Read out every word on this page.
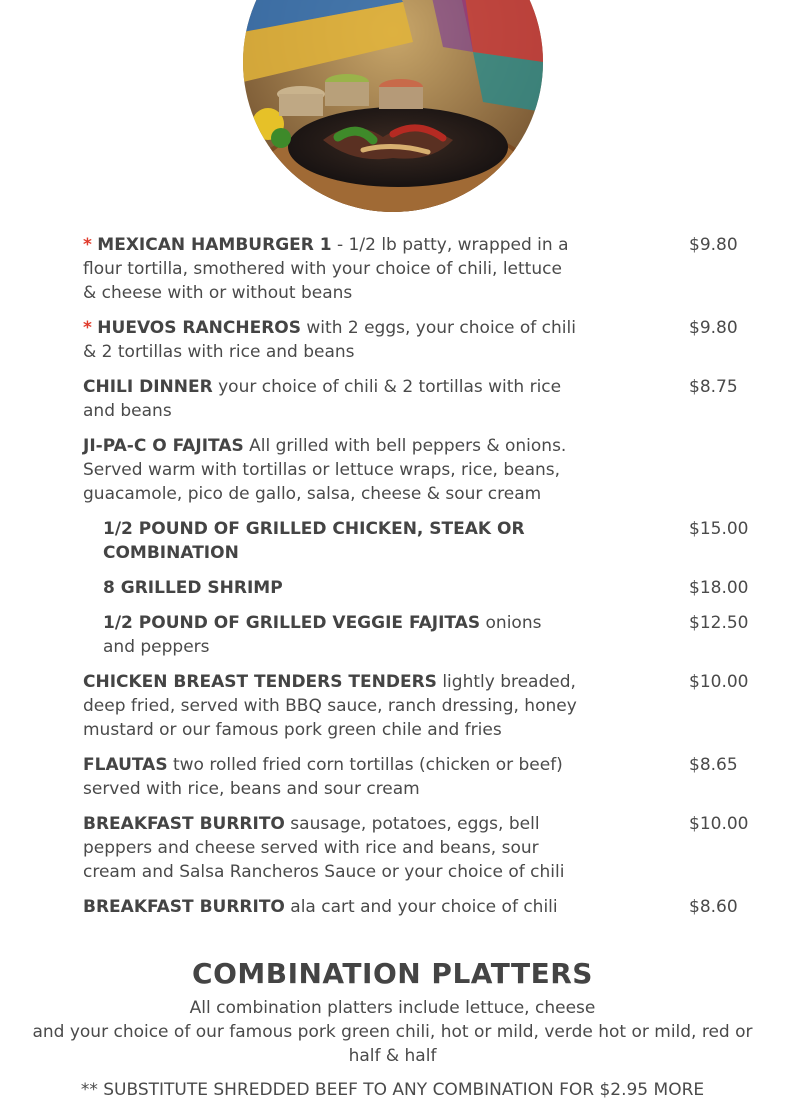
* MEXICAN HAMBURGER 1 - 1/2 lb patty, wrapped in a flour tortilla, smothered with your choice of chili, lettuce & cheese with or without beans
$9.80
* HUEVOS RANCHEROS with 2 eggs, your choice of chili & 2 tortillas with rice and beans
$9.80
CHILI DINNER your choice of chili & 2 tortillas with rice and beans
$8.75
JI-PA-C O FAJITAS All grilled with bell peppers & onions. Served warm with tortillas or lettuce wraps, rice, beans, guacamole, pico de gallo, salsa, cheese & sour cream
1/2 POUND OF GRILLED CHICKEN, STEAK OR COMBINATION
$15.00
8 GRILLED SHRIMP	$18.00
1/2 POUND OF GRILLED VEGGIE FAJITAS onions and peppers
$12.50
CHICKEN BREAST TENDERS TENDERS lightly breaded, deep fried, served with BBQ sauce, ranch dressing, honey mustard or our famous pork green chile and fries
$10.00
FLAUTAS two rolled fried corn tortillas (chicken or beef) served with rice, beans and sour cream
$8.65
BREAKFAST BURRITO sausage, potatoes, eggs, bell peppers and cheese served with rice and beans, sour cream and Salsa Rancheros Sauce or your choice of chili
$10.00
BREAKFAST BURRITO ala cart and your choice of chili	$8.60
COMBINATION PLATTERS
All combination platters include lettuce, cheese
and your choice of our famous pork green chili, hot or mild, verde hot or mild, red or half & half
** SUBSTITUTE SHREDDED BEEF TO ANY COMBINATION FOR $2.95 MORE
